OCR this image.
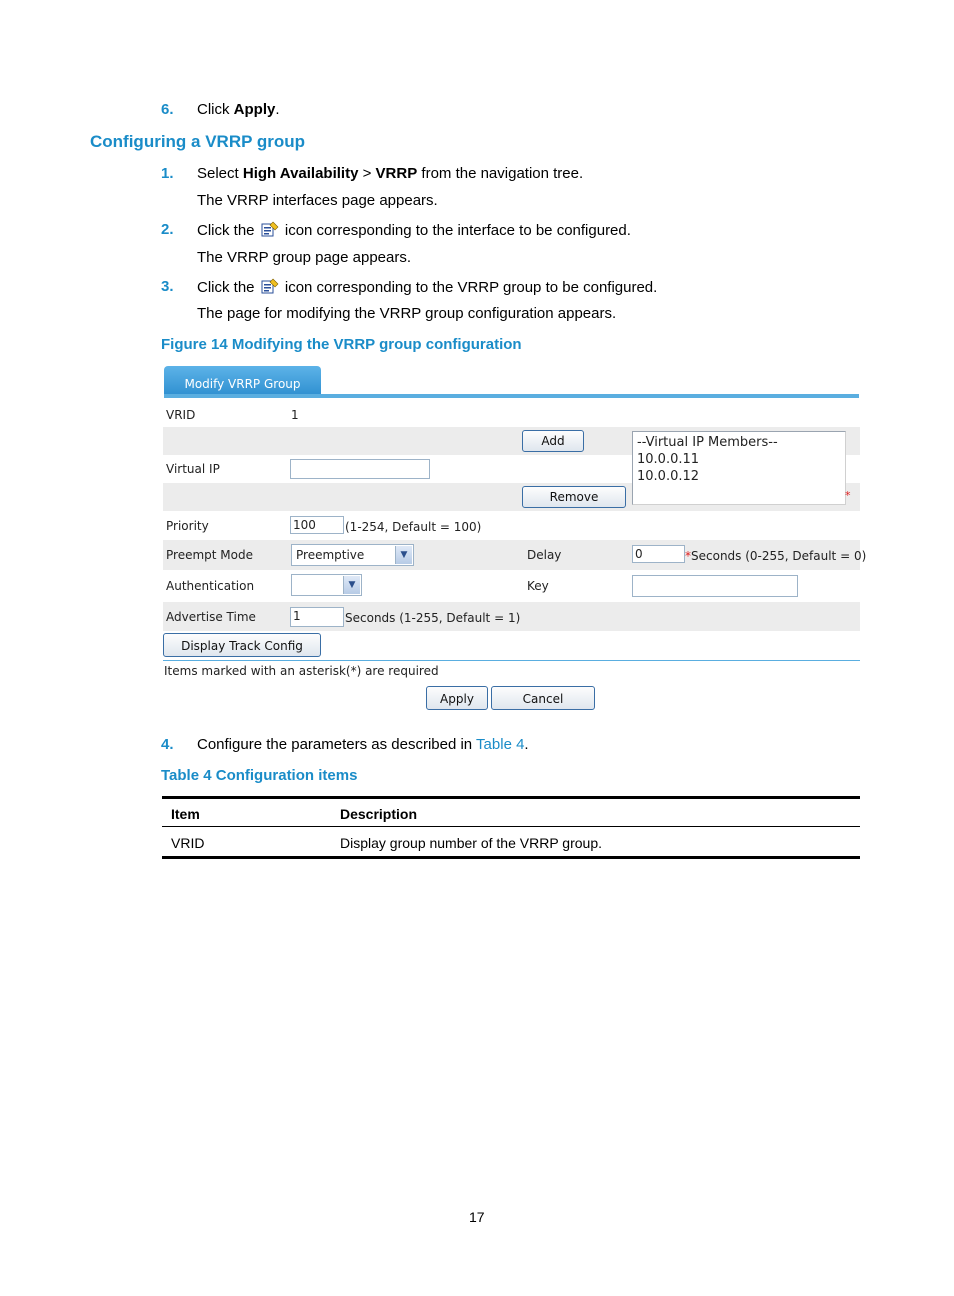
6. Click Apply.
Configuring a VRRP group
1. Select High Availability > VRRP from the navigation tree.
The VRRP interfaces page appears.
2. Click the  icon corresponding to the interface to be configured.
The VRRP group page appears.
3. Click the  icon corresponding to the VRRP group to be configured.
The page for modifying the VRRP group configuration appears.
Figure 14 Modifying the VRRP group configuration
Modify VRRP Group
VRID	1
Add
Virtual IP
Remove
--Virtual IP Members--
10.0.0.11
10.0.0.12
*
Priority	100	(1-254, Default = 100)
Preempt Mode	Preemptive	▼	Delay	0	*Seconds (0-255, Default = 0)
Authentication	▼	Key
Advertise Time	1	Seconds (1-255, Default = 1)
Display Track Config
Items marked with an asterisk(*) are required
Apply	Cancel
4. Configure the parameters as described in Table 4.
Table 4 Configuration items
Item	Description
VRID	Display group number of the VRRP group.
17
